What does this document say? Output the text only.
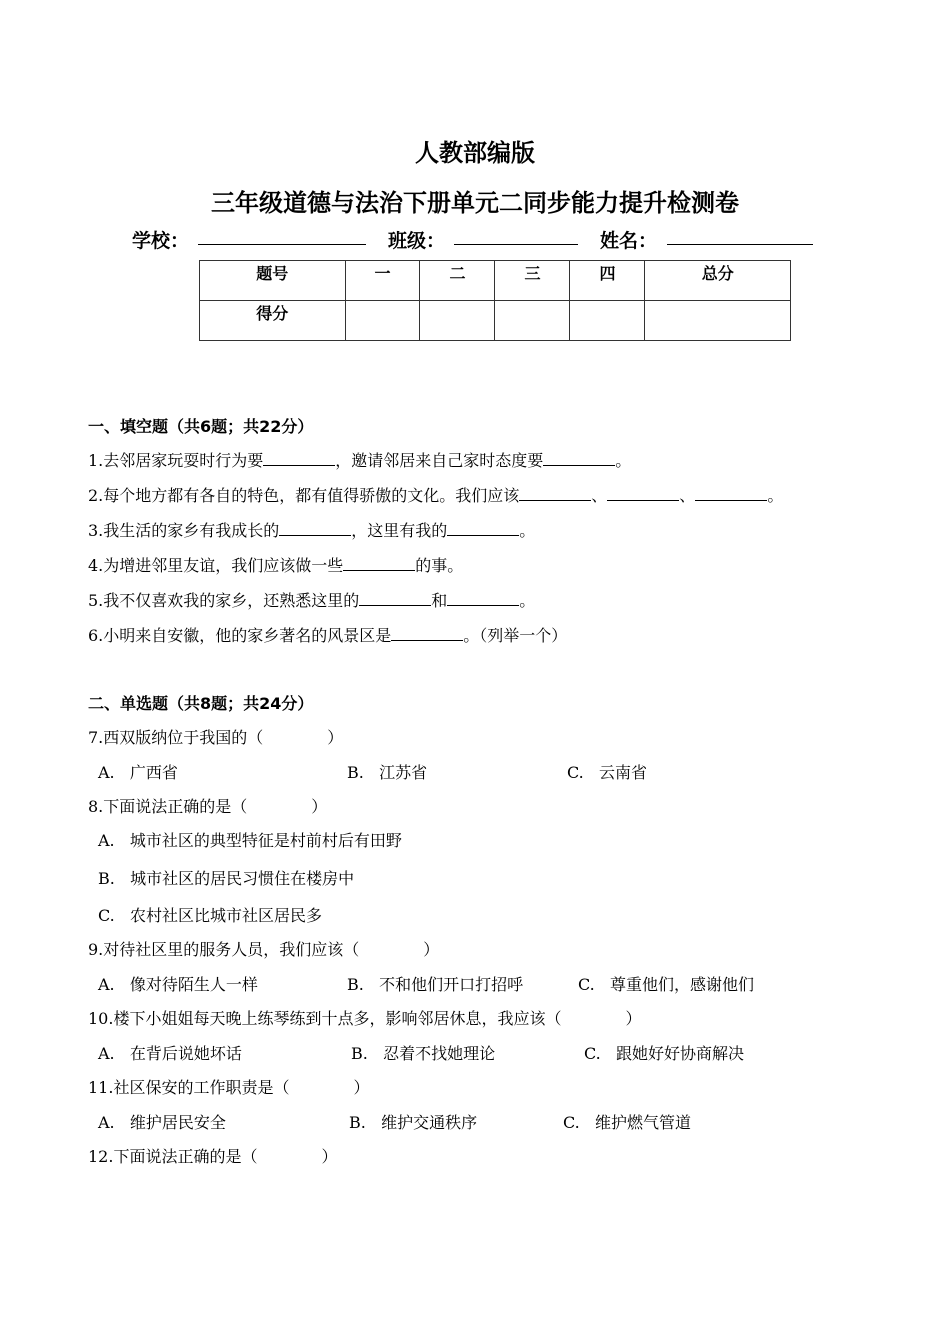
人教部编版
三年级道德与法治下册单元二同步能力提升检测卷
学校：	班级：	姓名：
题号	一	二	三	四	总分
得分					
一、填空题（共6题；共22分）
1.去邻居家玩耍时行为要	，邀请邻居来自己家时态度要	。
2.每个地方都有各自的特色，都有值得骄傲的文化。我们应该	、	、	。
3.我生活的家乡有我成长的	，这里有我的	。
4.为增进邻里友谊，我们应该做一些	的事。
5.我不仅喜欢我的家乡，还熟悉这里的	和	。
6.小明来自安徽，他的家乡著名的风景区是	。（列举一个）
二、单选题（共8题；共24分）
7.西双版纳位于我国的（　　　　）
A. 广西省	B. 江苏省	C. 云南省
8.下面说法正确的是（　　　　）
A. 城市社区的典型特征是村前村后有田野
B. 城市社区的居民习惯住在楼房中
C. 农村社区比城市社区居民多
9.对待社区里的服务人员，我们应该（　　　　）
A. 像对待陌生人一样	B. 不和他们开口打招呼	C. 尊重他们，感谢他们
10.楼下小姐姐每天晚上练琴练到十点多，影响邻居休息，我应该（　　　　）
A. 在背后说她坏话	B. 忍着不找她理论	C. 跟她好好协商解决
11.社区保安的工作职责是（　　　　）
A. 维护居民安全	B. 维护交通秩序	C. 维护燃气管道
12.下面说法正确的是（　　　　）
